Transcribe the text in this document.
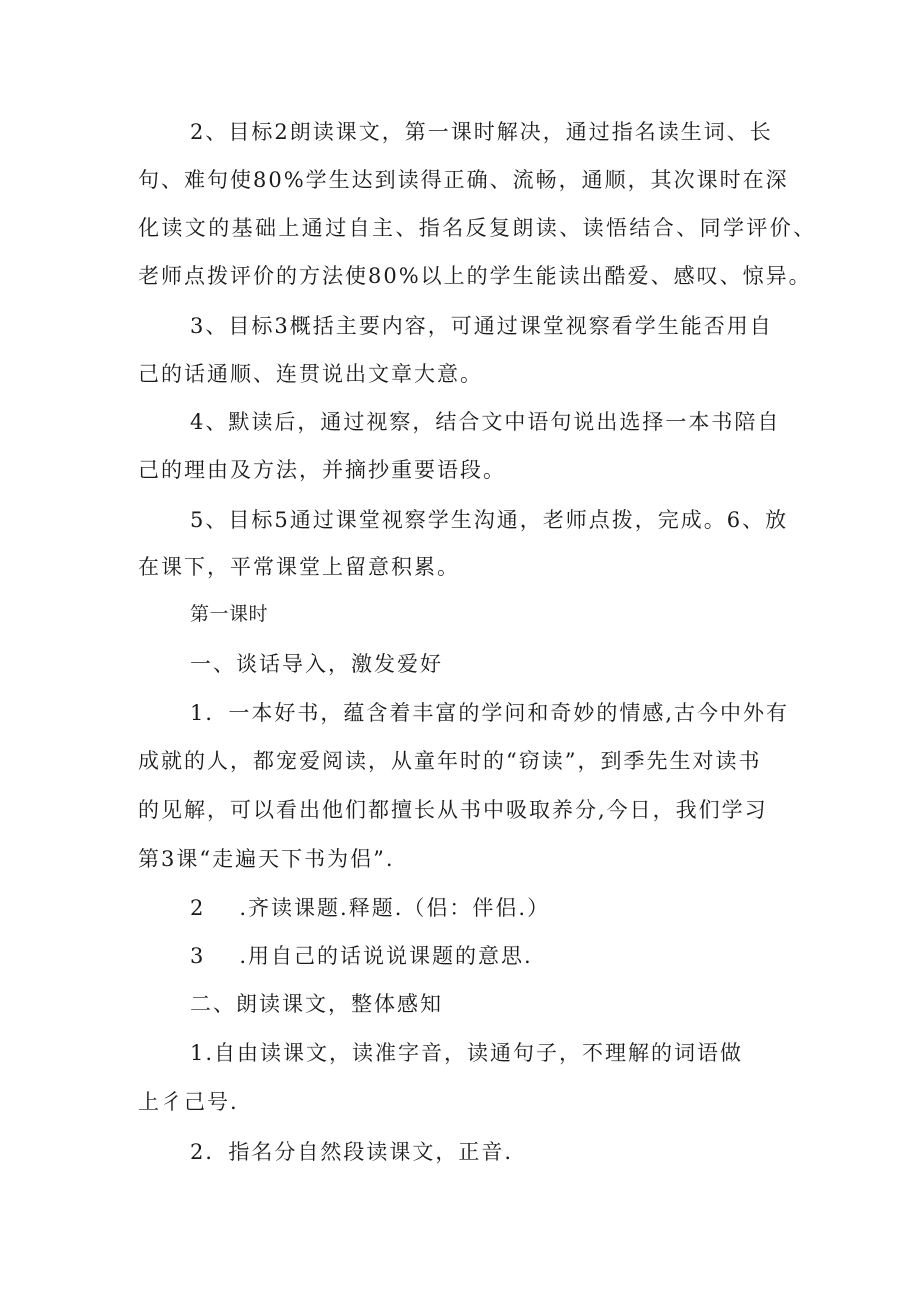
2、目标2朗读课文，第一课时解决，通过指名读生词、长

句、难句使80%学生达到读得正确、流畅，通顺，其次课时在深

化读文的基础上通过自主、指名反复朗读、读悟结合、同学评价、

老师点拨评价的方法使80%以上的学生能读出酷爱、感叹、惊异。

3、目标3概括主要内容，可通过课堂视察看学生能否用自

己的话通顺、连贯说出文章大意。

4、默读后，通过视察，结合文中语句说出选择一本书陪自

己的理由及方法，并摘抄重要语段。

5、目标5通过课堂视察学生沟通，老师点拨，完成。6、放

在课下，平常课堂上留意积累。

第一课时

一、谈话导入，激发爱好

1．一本好书，蕴含着丰富的学问和奇妙的情感,古今中外有

成就的人，都宠爱阅读，从童年时的“窃读”，到季先生对读书

的见解，可以看出他们都擅长从书中吸取养分,今日，我们学习

第3课“走遍天下书为侣”.

2 .齐读课题.释题.（侣：伴侣.）

3 .用自己的话说说课题的意思.

二、朗读课文，整体感知

1.自由读课文，读准字音，读通句子，不理解的词语做

上彳己号.

2．指名分自然段读课文，正音.
